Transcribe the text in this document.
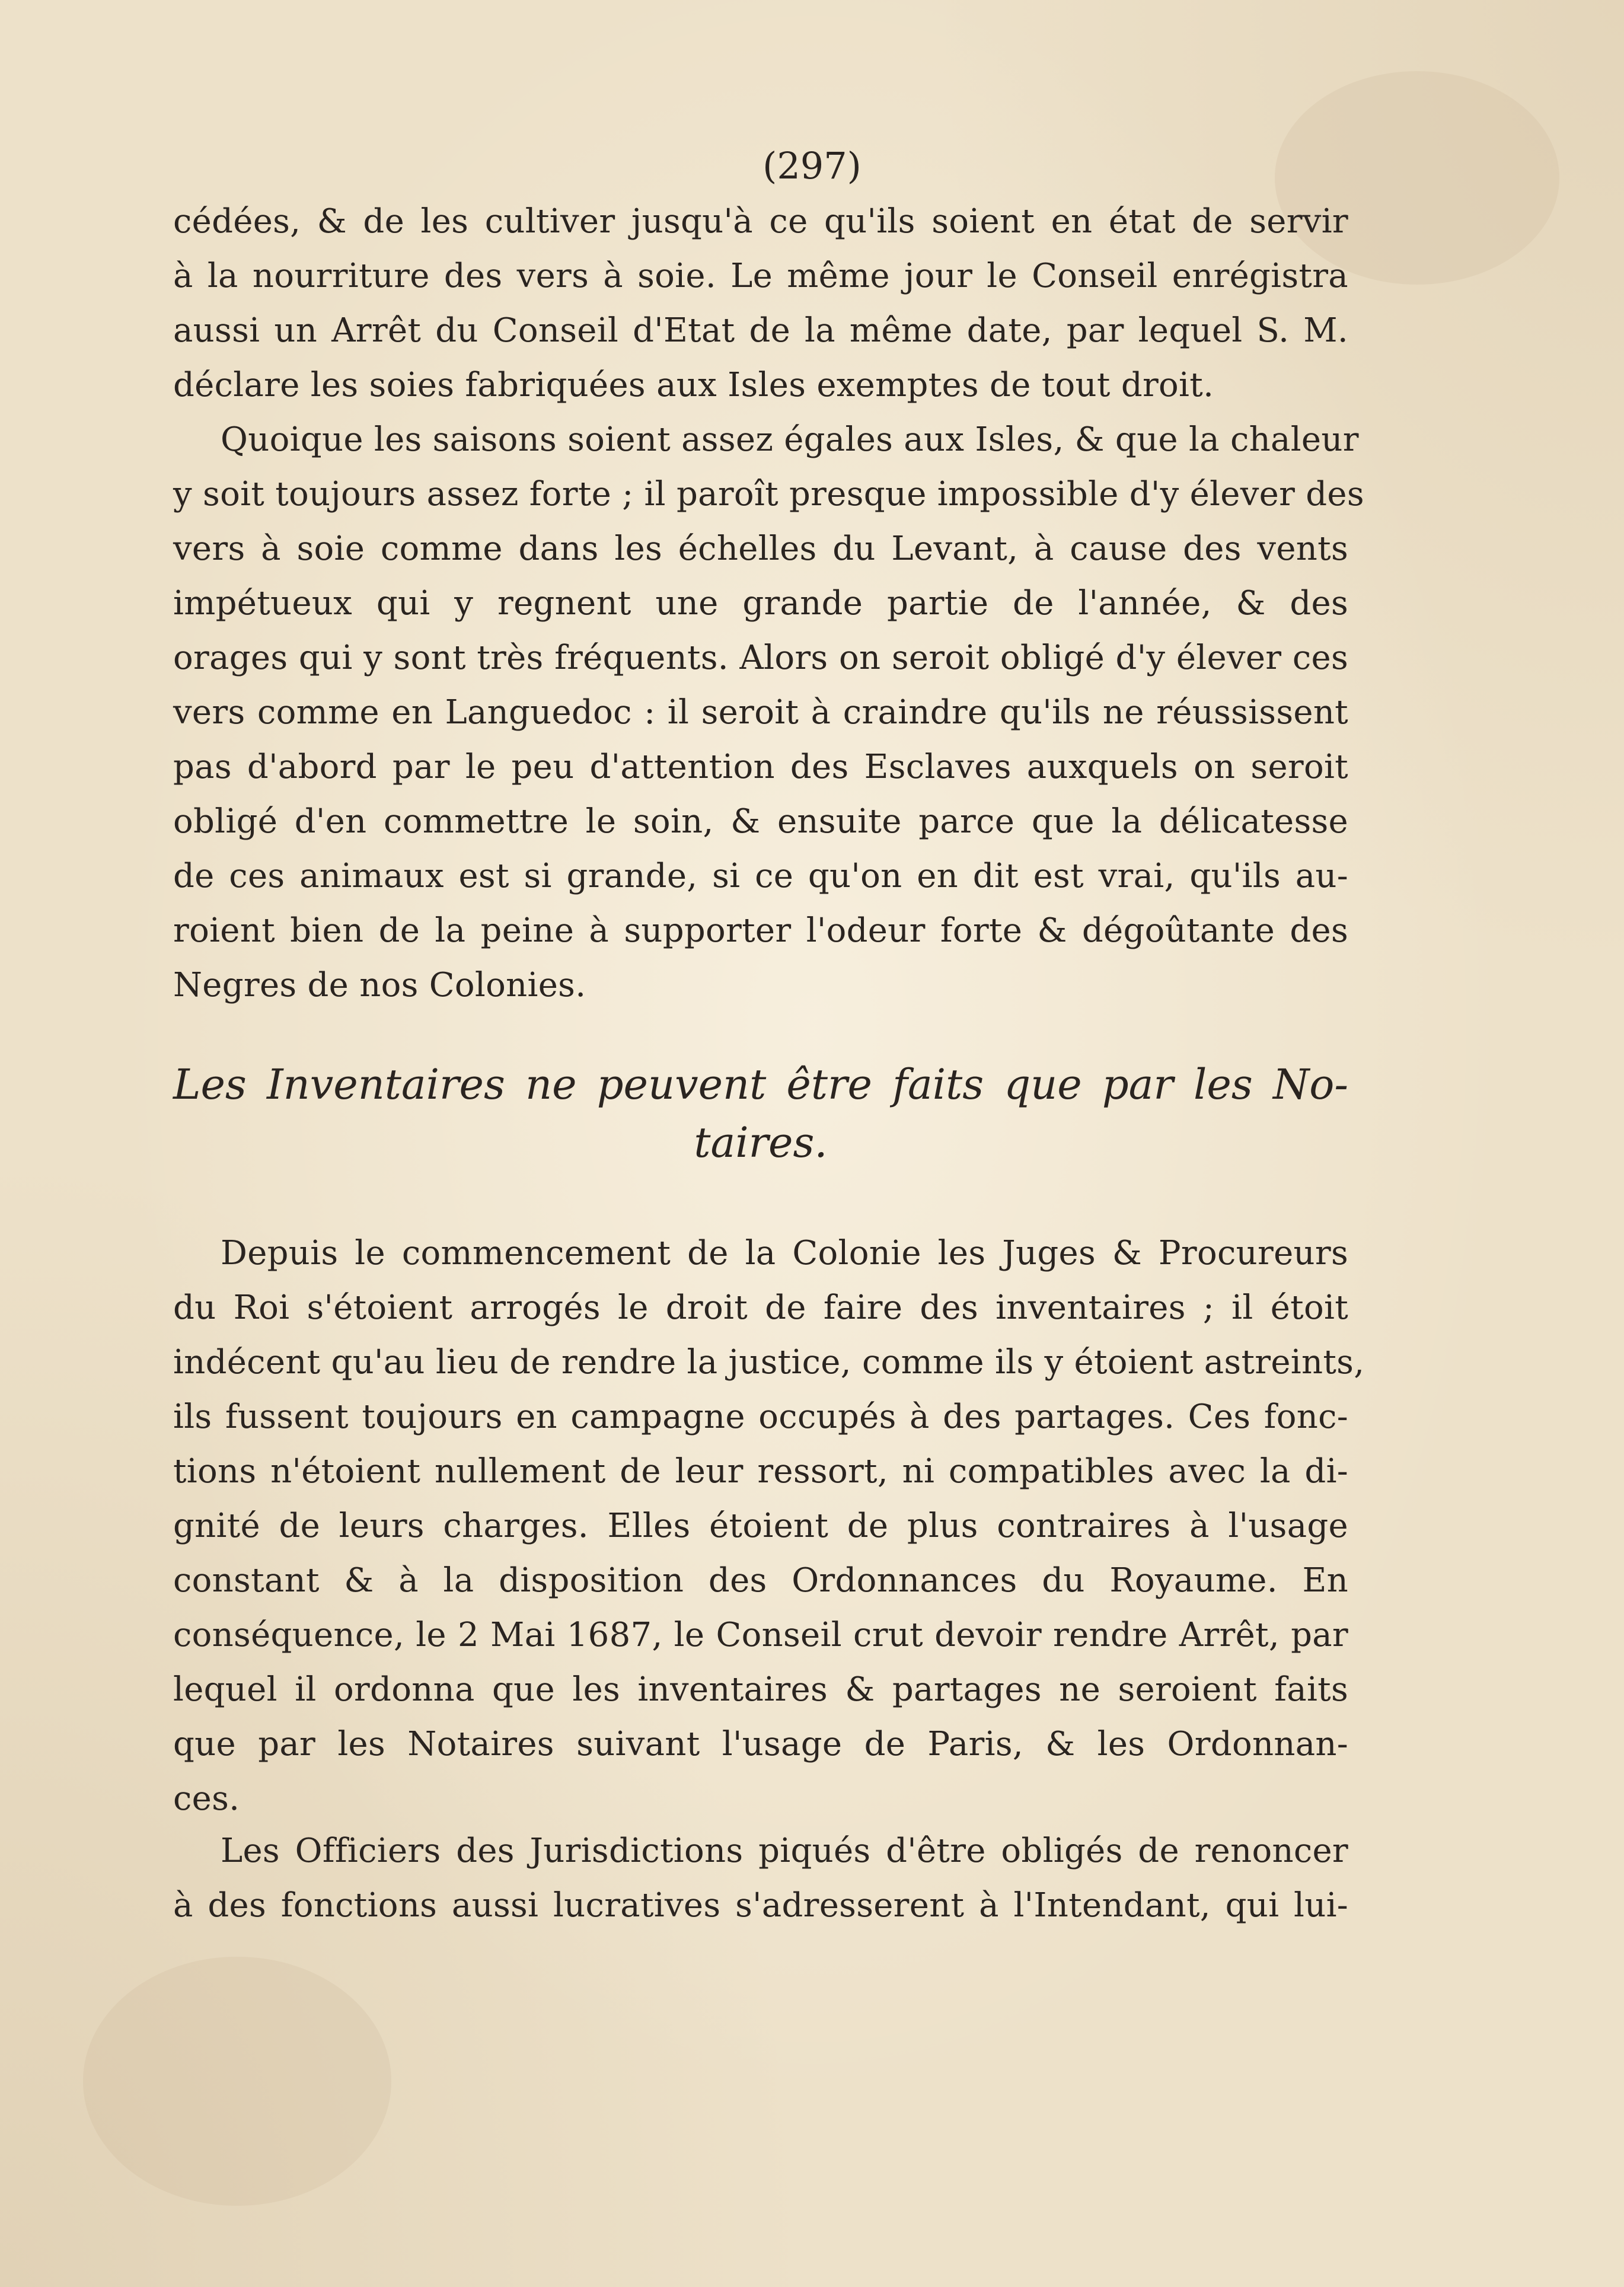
(297)
cédées, & de les cultiver jusqu'à ce qu'ils soient en état de servir
à la nourriture des vers à soie. Le même jour le Conseil enrégistra
aussi un Arrêt du Conseil d'Etat de la même date, par lequel S. M.
déclare les soies fabriquées aux Isles exemptes de tout droit.
Quoique les saisons soient assez égales aux Isles, & que la chaleur
y soit toujours assez forte ; il paroît presque impossible d'y élever des
vers à soie comme dans les échelles du Levant, à cause des vents
impétueux qui y regnent une grande partie de l'année, & des
orages qui y sont très fréquents. Alors on seroit obligé d'y élever ces
vers comme en Languedoc : il seroit à craindre qu'ils ne réussissent
pas d'abord par le peu d'attention des Esclaves auxquels on seroit
obligé d'en commettre le soin, & ensuite parce que la délicatesse
de ces animaux est si grande, si ce qu'on en dit est vrai, qu'ils au-
roient bien de la peine à supporter l'odeur forte & dégoûtante des
Negres de nos Colonies.
Les Inventaires ne peuvent être faits que par les No-
taires.
Depuis le commencement de la Colonie les Juges & Procureurs
du Roi s'étoient arrogés le droit de faire des inventaires ; il étoit
indécent qu'au lieu de rendre la justice, comme ils y étoient astreints,
ils fussent toujours en campagne occupés à des partages. Ces fonc-
tions n'étoient nullement de leur ressort, ni compatibles avec la di-
gnité de leurs charges. Elles étoient de plus contraires à l'usage
constant & à la disposition des Ordonnances du Royaume. En
conséquence, le 2 Mai 1687, le Conseil crut devoir rendre Arrêt, par
lequel il ordonna que les inventaires & partages ne seroient faits
que par les Notaires suivant l'usage de Paris, & les Ordonnan-
ces.
Les Officiers des Jurisdictions piqués d'être obligés de renoncer
à des fonctions aussi lucratives s'adresserent à l'Intendant, qui lui-
